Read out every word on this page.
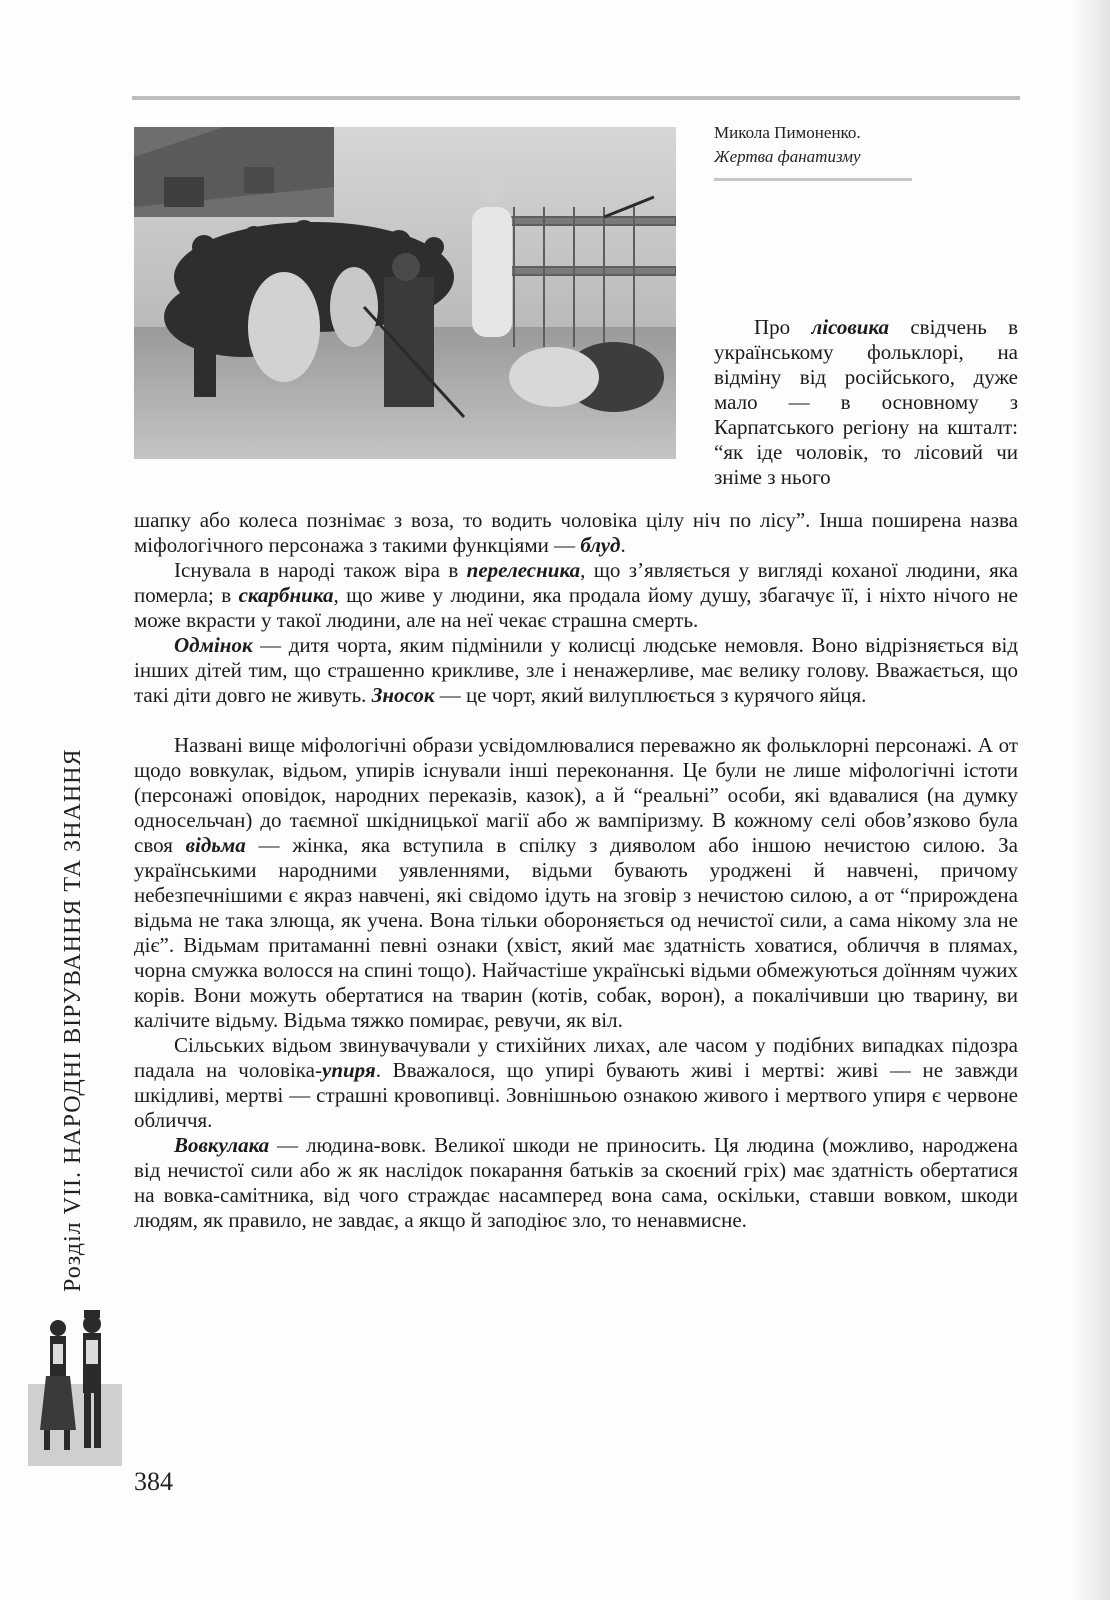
Микола Пимоненко.
Жертва фанатизму
Про лісовика свідчень в українському фольклорі, на відміну від російського, дуже мало — в основному з Карпатського регіону на кшталт: “як іде чоловік, то лісовий чи зніме з нього

шапку або колеса познімає з воза, то водить чоловіка цілу ніч по лісу”. Інша поширена назва міфологічного персонажа з такими функціями — блуд.

Існувала в народі також віра в перелесника, що з’являється у вигляді коханої людини, яка померла; в скарбника, що живе у людини, яка продала йому душу, збагачує її, і ніхто нічого не може вкрасти у такої людини, але на неї чекає страшна смерть.

Одмінок — дитя чорта, яким підмінили у колисці людське немовля. Воно відрізняється від інших дітей тим, що страшенно крикливе, зле і ненажерливе, має велику голову. Вважається, що такі діти довго не живуть. Зносок — це чорт, який вилуплюється з курячого яйця.

Названі вище міфологічні образи усвідомлювалися переважно як фольклорні персонажі. А от щодо вовкулак, відьом, упирів існували інші переконання. Це були не лише міфологічні істоти (персонажі оповідок, народних переказів, казок), а й “реальні” особи, які вдавалися (на думку односельчан) до таємної шкідницької магії або ж вампіризму. В кожному селі обов’язково була своя відьма — жінка, яка вступила в спілку з дияволом або іншою нечистою силою. За українськими народними уявленнями, відьми бувають уроджені й навчені, причому небезпечнішими є якраз навчені, які свідомо ідуть на зговір з нечистою силою, а от “прирождена відьма не така злюща, як учена. Вона тільки обороняється од нечистої сили, а сама нікому зла не діє”. Відьмам притаманні певні ознаки (хвіст, який має здатність ховатися, обличчя в плямах, чорна смужка волосся на спині тощо). Найчастіше українські відьми обмежуються доїнням чужих корів. Вони можуть обертатися на тварин (котів, собак, ворон), а покалічивши цю тварину, ви калічите відьму. Відьма тяжко помирає, ревучи, як віл.

Сільських відьом звинувачували у стихійних лихах, але часом у подібних випадках підозра падала на чоловіка-упиря. Вважалося, що упирі бувають живі і мертві: живі — не завжди шкідливі, мертві — страшні кровопивці. Зовнішньою ознакою живого і мертвого упиря є червоне обличчя.

Вовкулака — людина-вовк. Великої шкоди не приносить. Ця людина (можливо, народжена від нечистої сили або ж як наслідок покарання батьків за скоєний гріх) має здатність обертатися на вовка-самітника, від чого страждає насамперед вона сама, оскільки, ставши вовком, шкоди людям, як правило, не завдає, а якщо й заподіює зло, то ненавмисне.

Розділ VII. НАРОДНІ ВІРУВАННЯ ТА ЗНАННЯ
384
